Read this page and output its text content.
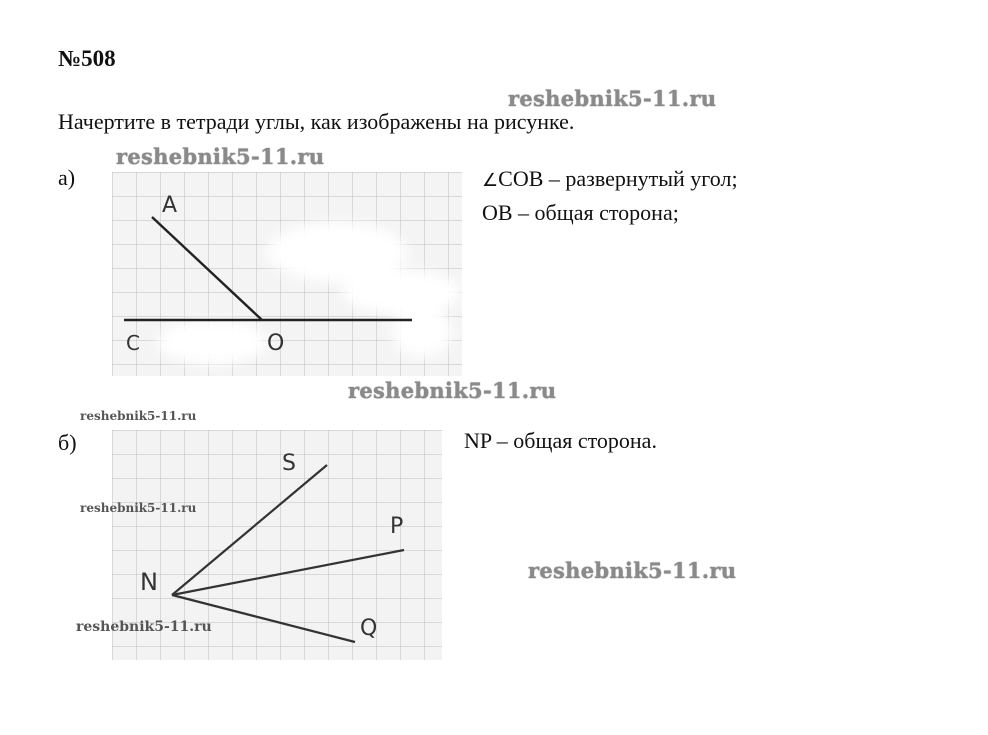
№508
reshebnik5-11.ru
Начертите в тетради углы, как изображены на рисунке.
reshebnik5-11.ru
а)
A
C	O
∠COB – развернутый угол;
OB – общая сторона;
reshebnik5-11.ru
reshebnik5-11.ru
б)
S
P
N
Q
NP – общая сторона.
reshebnik5-11.ru
reshebnik5-11.ru
reshebnik5-11.ru
